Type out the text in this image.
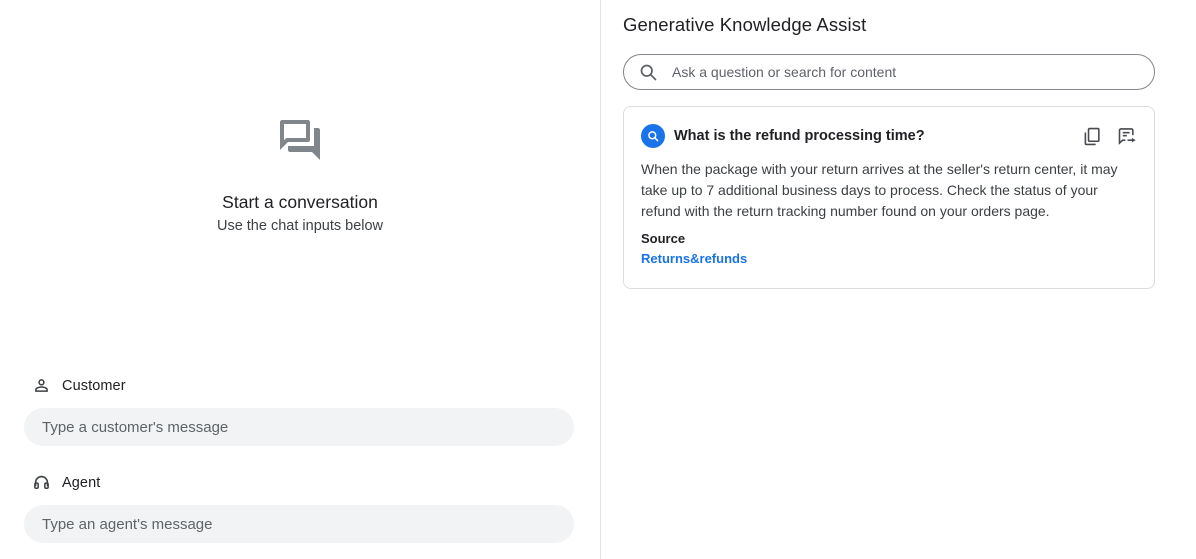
Start a conversation
Use the chat inputs below
Customer
Type a customer's message
Agent
Type an agent's message
Generative Knowledge Assist
Ask a question or search for content
What is the refund processing time?

When the package with your return arrives at the seller's return center, it may take up to 7 additional business days to process. Check the status of your refund with the return tracking number found on your orders page.

Source
Returns&refunds
